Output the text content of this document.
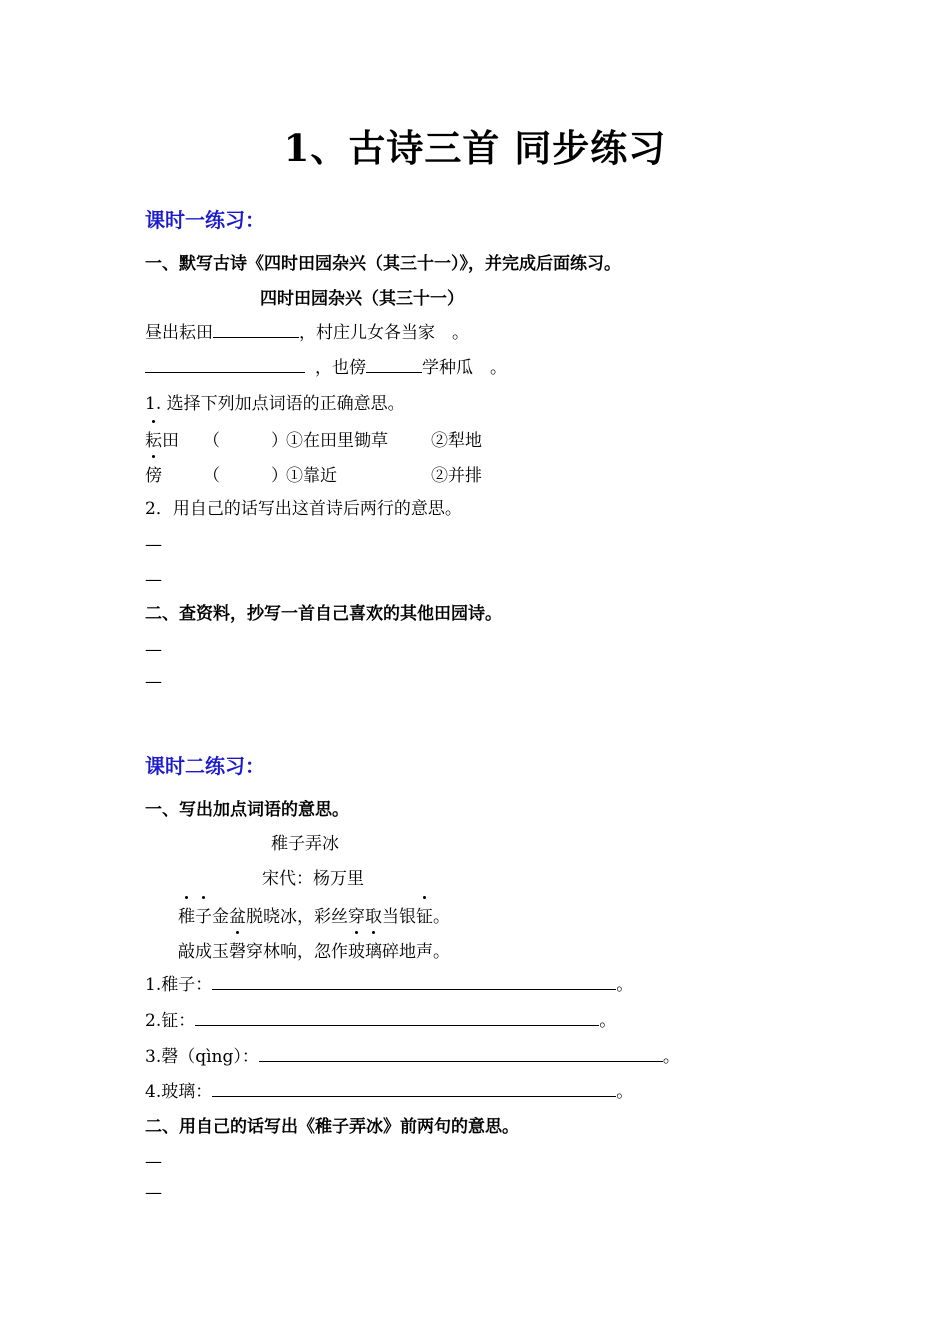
1、古诗三首 同步练习
课时一练习：
一、默写古诗《四时田园杂兴（其三十一）》，并完成后面练习。
四时田园杂兴（其三十一）
昼出耘田	，村庄儿女各当家　。
，也傍	学种瓜　。
1. 选择下列加点词语的正确意思。
耘田 （　　　）
①在田里锄草	②犁地
傍 （　　　）
①靠近	②并排
2．用自己的话写出这首诗后两行的意思。
—
—
二、查资料，抄写一首自己喜欢的其他田园诗。
—
—
课时二练习：
一、写出加点词语的意思。
稚子弄冰
宋代：杨万里
稚子金盆脱晓冰，彩丝穿取当银钲。
敲成玉磬穿林响，忽作玻璃碎地声。
1.稚子：	。
2.钲：	。
3.磬（qìng）：	。
4.玻璃：	。
二、用自己的话写出《稚子弄冰》前两句的意思。
—
—
